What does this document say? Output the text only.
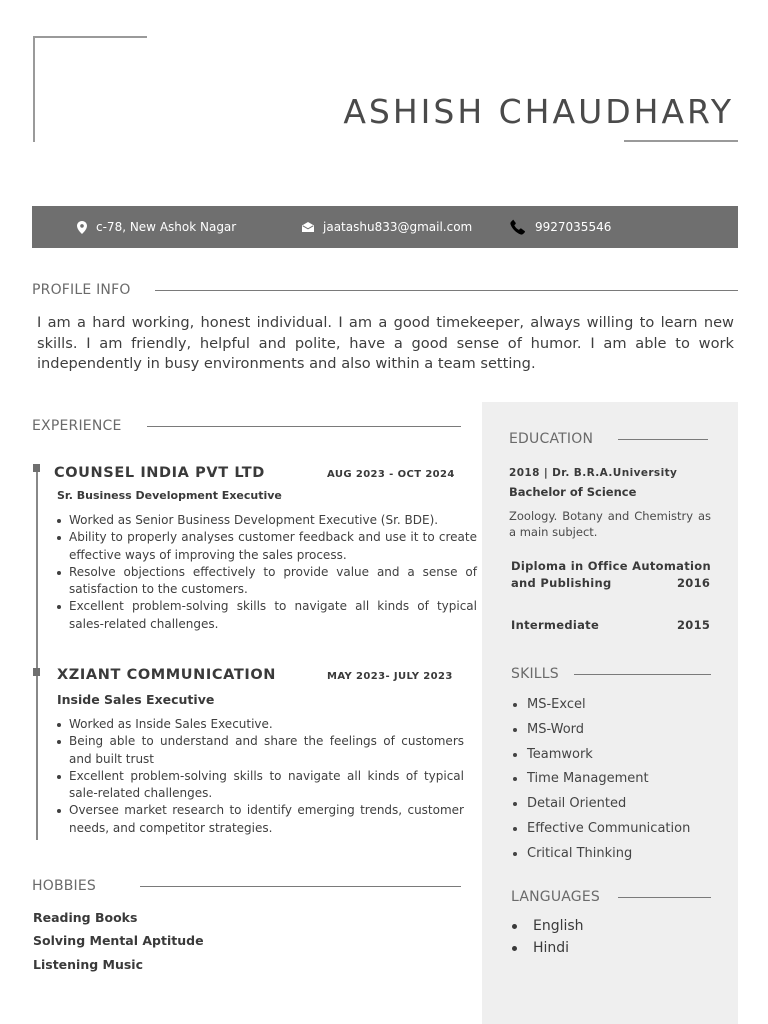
ASHISH CHAUDHARY
c-78, New Ashok Nagar	jaatashu833@gmail.com	9927035546
PROFILE INFO

I am a hard working, honest individual. I am a good timekeeper, always willing to learn new skills. I am friendly, helpful and polite, have a good sense of humor. I am able to work independently in busy environments and also within a team setting.

EXPERIENCE
COUNSEL INDIA PVT LTD	AUG 2023 - OCT 2024
Sr. Business Development Executive
Worked as Senior Business Development Executive (Sr. BDE).
Ability to properly analyses customer feedback and use it to create effective ways of improving the sales process.
Resolve objections effectively to provide value and a sense of satisfaction to the customers.
Excellent problem-solving skills to navigate all kinds of typical sales-related challenges.
XZIANT COMMUNICATION	MAY 2023- JULY 2023
Inside Sales Executive
Worked as Inside Sales Executive.
Being able to understand and share the feelings of customers and built trust
Excellent problem-solving skills to navigate all kinds of typical sale-related challenges.
Oversee market research to identify emerging trends, customer needs, and competitor strategies.
HOBBIES
Reading Books
Solving Mental Aptitude
Listening Music
EDUCATION
2018 | Dr. B.R.A.University
Bachelor of Science

Zoology. Botany and Chemistry as a main subject.

Diploma in Office Automation
and Publishing	2016
Intermediate	2015
SKILLS
MS-Excel
MS-Word
Teamwork
Time Management
Detail Oriented
Effective Communication
Critical Thinking
LANGUAGES
English
Hindi
